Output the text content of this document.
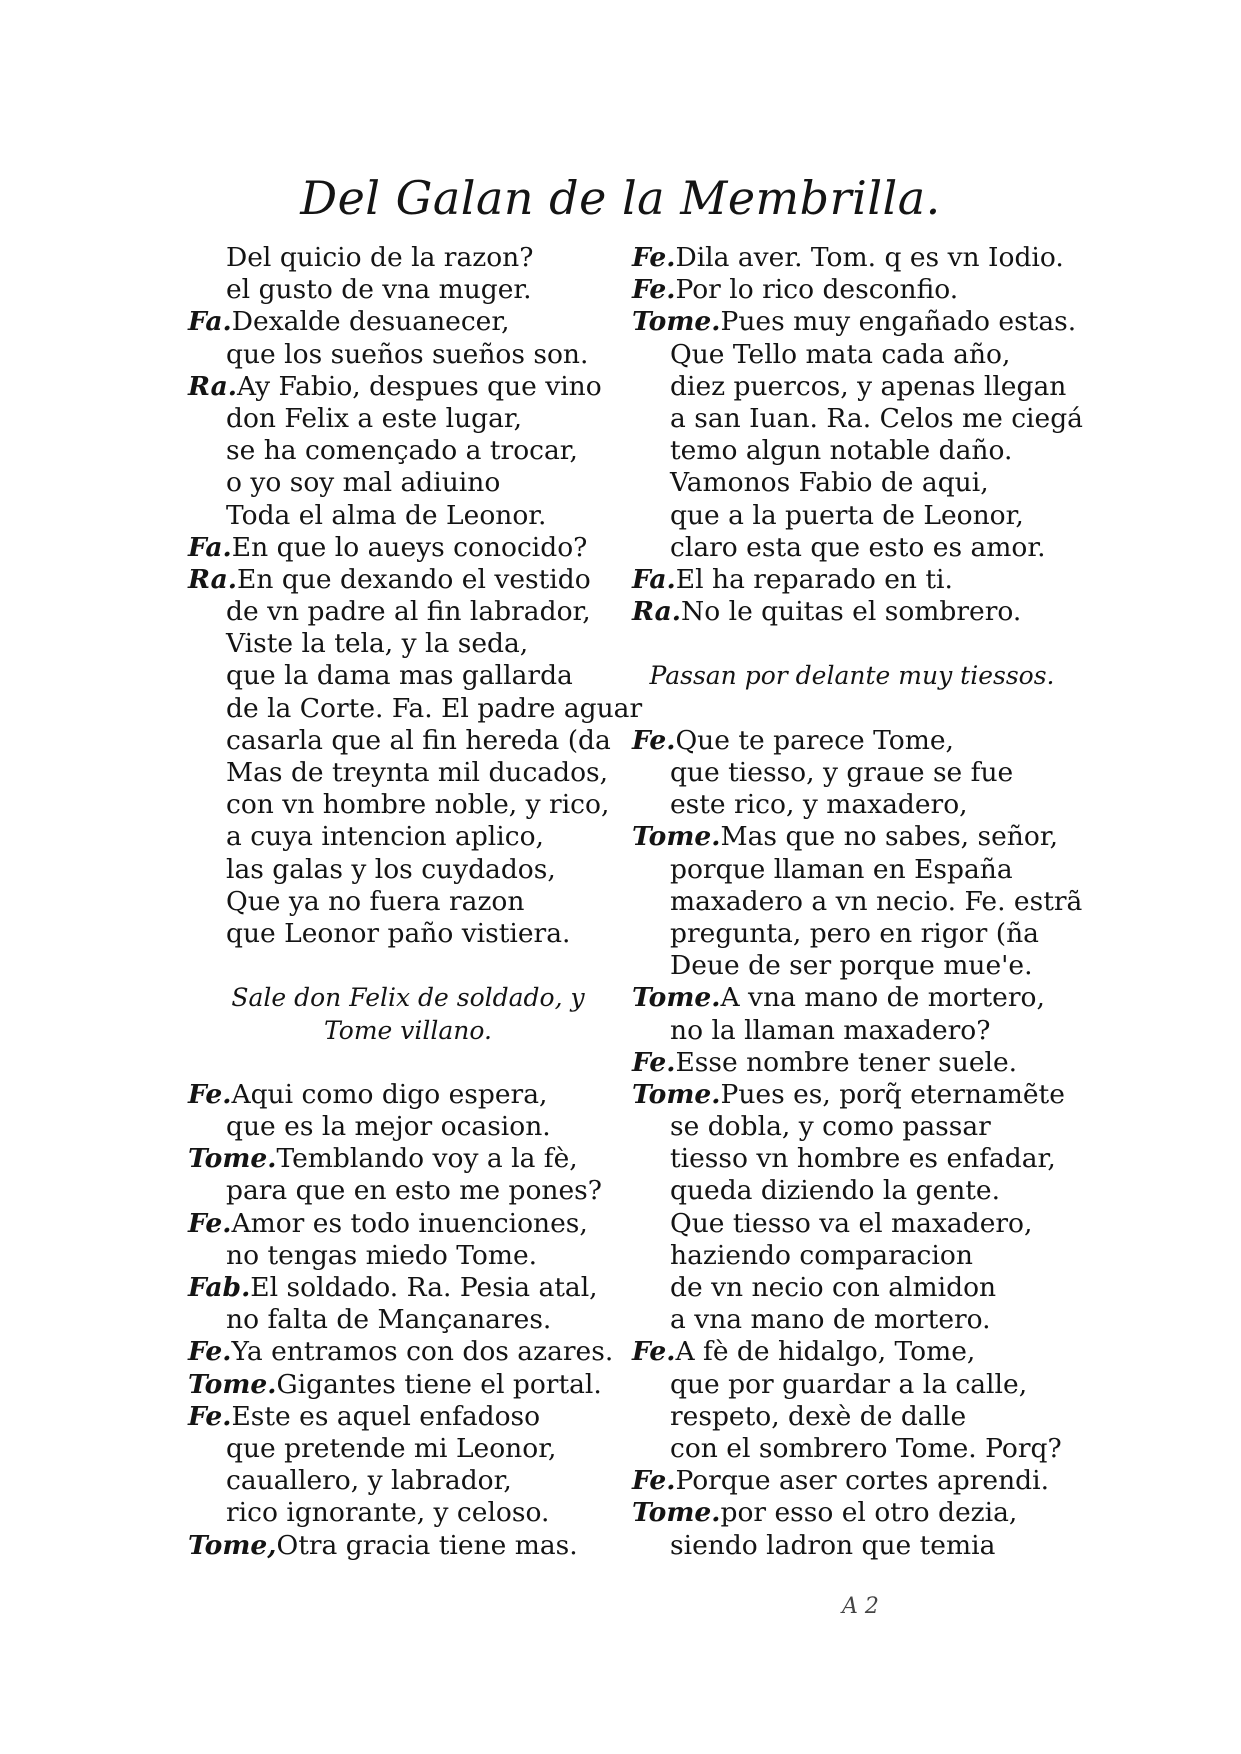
Del Galan de la Membrilla.
Del quicio de la razon?
el gusto de vna muger.
Fa.Dexalde desuanecer,
que los sueños sueños son.
Ra.Ay Fabio, despues que vino
don Felix a este lugar,
se ha començado a trocar,
o yo soy mal adiuino
Toda el alma de Leonor.
Fa.En que lo aueys conocido?
Ra.En que dexando el vestido
de vn padre al fin labrador,
Viste la tela, y la seda,
que la dama mas gallarda
de la Corte. Fa. El padre aguar
casarla que al fin hereda (da
Mas de treynta mil ducados,
con vn hombre noble, y rico,
a cuya intencion aplico,
las galas y los cuydados,
Que ya no fuera razon
que Leonor paño vistiera.
Sale don Felix de soldado, y
Tome villano.
Fe.Aqui como digo espera,
que es la mejor ocasion.
Tome.Temblando voy a la fè,
para que en esto me pones?
Fe.Amor es todo inuenciones,
no tengas miedo Tome.
Fab.El soldado. Ra. Pesia atal,
no falta de Mançanares.
Fe.Ya entramos con dos azares.
Tome.Gigantes tiene el portal.
Fe.Este es aquel enfadoso
que pretende mi Leonor,
cauallero, y labrador,
rico ignorante, y celoso.
Tome,Otra gracia tiene mas.
Fe.Dila aver. Tom. q es vn Iodio.
Fe.Por lo rico desconfio.
Tome.Pues muy engañado estas.
Que Tello mata cada año,
diez puercos, y apenas llegan
a san Iuan. Ra. Celos me ciegá
temo algun notable daño.
Vamonos Fabio de aqui,
que a la puerta de Leonor,
claro esta que esto es amor.
Fa.El ha reparado en ti.
Ra.No le quitas el sombrero.
Passan por delante muy tiessos.
Fe.Que te parece Tome,
que tiesso, y graue se fue
este rico, y maxadero,
Tome.Mas que no sabes, señor,
porque llaman en España
maxadero a vn necio. Fe. estrã
pregunta, pero en rigor (ña
Deue de ser porque mue'e.
Tome.A vna mano de mortero,
no la llaman maxadero?
Fe.Esse nombre tener suele.
Tome.Pues es, porq̃ eternamẽte
se dobla, y como passar
tiesso vn hombre es enfadar,
queda diziendo la gente.
Que tiesso va el maxadero,
haziendo comparacion
de vn necio con almidon
a vna mano de mortero.
Fe.A fè de hidalgo, Tome,
que por guardar a la calle,
respeto, dexè de dalle
con el sombrero Tome. Porq?
Fe.Porque aser cortes aprendi.
Tome.por esso el otro dezia,
siendo ladron que temia
A 2
